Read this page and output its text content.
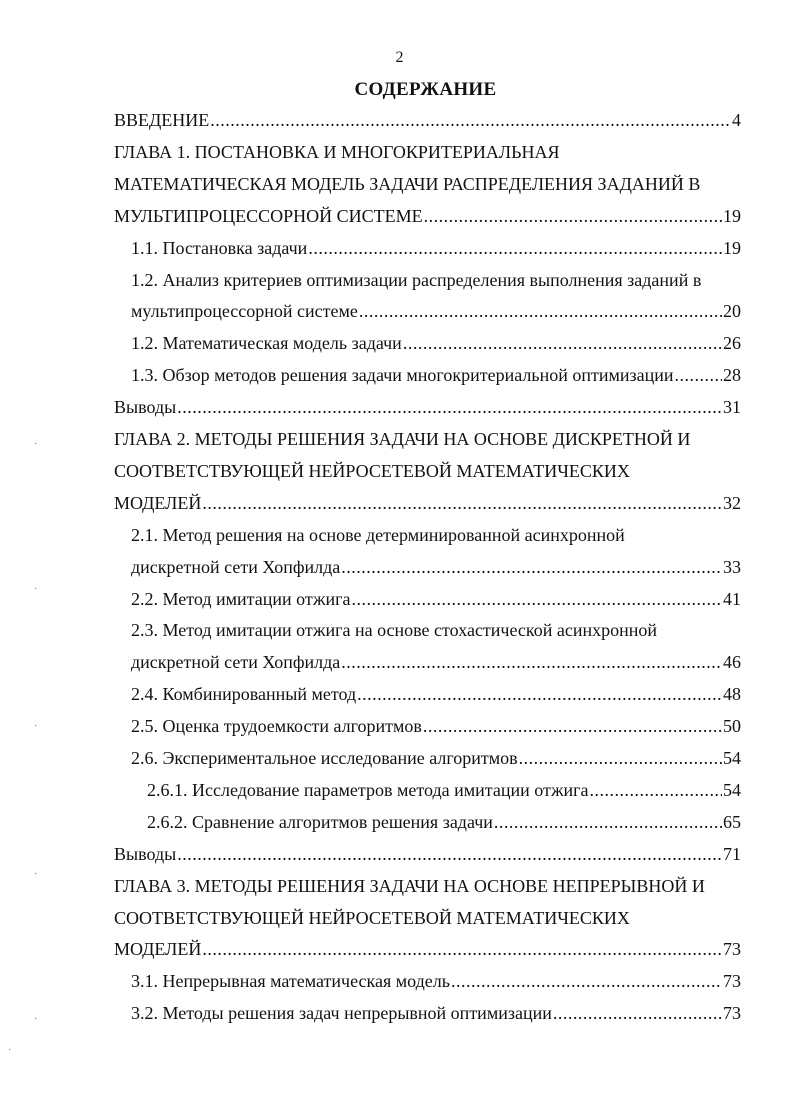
2
СОДЕРЖАНИЕ
ВВЕДЕНИЕ .....	4
ГЛАВА 1. ПОСТАНОВКА И МНОГОКРИТЕРИАЛЬНАЯ
МАТЕМАТИЧЕСКАЯ МОДЕЛЬ ЗАДАЧИ РАСПРЕДЕЛЕНИЯ ЗАДАНИЙ В
МУЛЬТИПРОЦЕССОРНОЙ СИСТЕМЕ .....	19
1.1. Постановка задачи .....	19
1.2. Анализ критериев оптимизации распределения выполнения заданий в
мультипроцессорной системе .....	20
1.2. Математическая модель задачи .....	26
1.3. Обзор методов решения задачи многокритериальной оптимизации .....	28
Выводы .....	31
ГЛАВА 2. МЕТОДЫ РЕШЕНИЯ ЗАДАЧИ НА ОСНОВЕ ДИСКРЕТНОЙ И
СООТВЕТСТВУЮЩЕЙ НЕЙРОСЕТЕВОЙ МАТЕМАТИЧЕСКИХ
МОДЕЛЕЙ .....	32
2.1. Метод решения на основе детерминированной асинхронной
дискретной сети Хопфилда .....	33
2.2. Метод имитации отжига .....	41
2.3. Метод имитации отжига на основе стохастической асинхронной
дискретной сети Хопфилда .....	46
2.4. Комбинированный метод .....	48
2.5. Оценка трудоемкости алгоритмов .....	50
2.6. Экспериментальное исследование алгоритмов .....	54
2.6.1. Исследование параметров метода имитации отжига .....	54
2.6.2. Сравнение алгоритмов решения задачи .....	65
Выводы .....	71
ГЛАВА 3. МЕТОДЫ РЕШЕНИЯ ЗАДАЧИ НА ОСНОВЕ НЕПРЕРЫВНОЙ И
СООТВЕТСТВУЮЩЕЙ НЕЙРОСЕТЕВОЙ МАТЕМАТИЧЕСКИХ
МОДЕЛЕЙ .....	73
3.1. Непрерывная математическая модель .....	73
3.2. Методы решения задач непрерывной оптимизации .....	73
·
·
·
·
·
·
